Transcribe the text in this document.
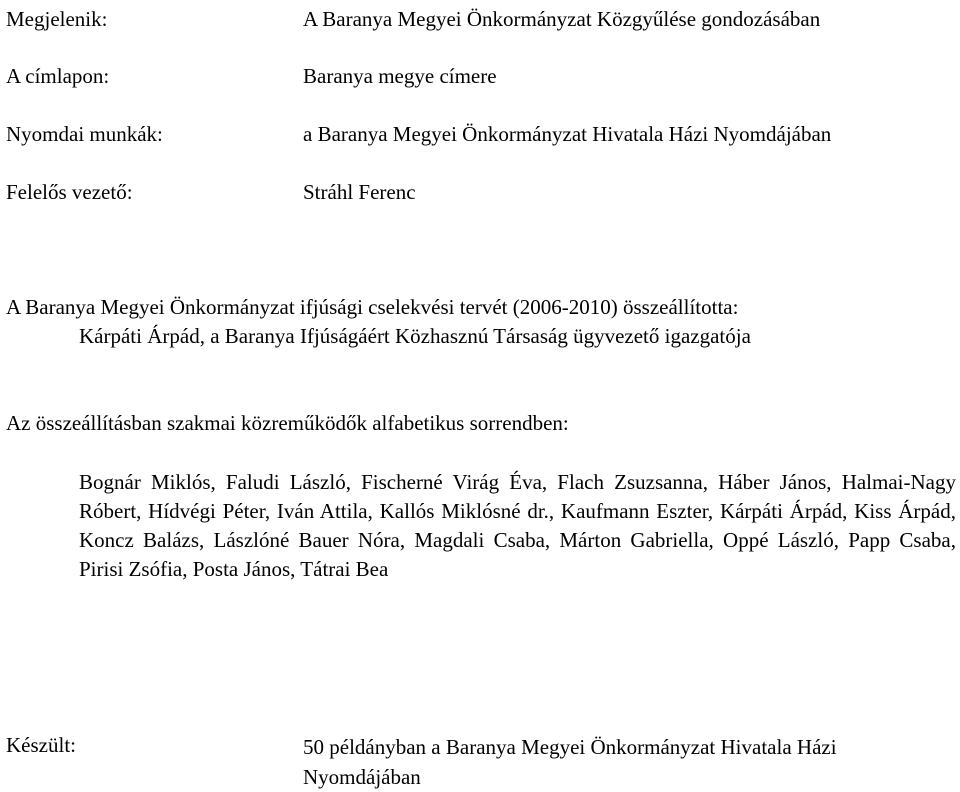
Megjelenik:	A Baranya Megyei Önkormányzat Közgyűlése gondozásában
A címlapon:	Baranya megye címere
Nyomdai munkák:	a Baranya Megyei Önkormányzat Hivatala Házi Nyomdájában
Felelős vezető:	Stráhl Ferenc
A Baranya Megyei Önkormányzat ifjúsági cselekvési tervét (2006-2010) összeállította:
Kárpáti Árpád, a Baranya Ifjúságáért Közhasznú Társaság ügyvezető igazgatója
Az összeállításban szakmai közreműködők alfabetikus sorrendben:
Bognár Miklós, Faludi László, Fischerné Virág Éva, Flach Zsuzsanna, Háber János, Halmai-Nagy Róbert, Hídvégi Péter, Iván Attila, Kallós Miklósné dr., Kaufmann Eszter, Kárpáti Árpád, Kiss Árpád, Koncz Balázs, Lászlóné Bauer Nóra, Magdali Csaba, Márton Gabriella, Oppé László, Papp Csaba, Pirisi Zsófia, Posta János, Tátrai Bea
Készült:	50 példányban a Baranya Megyei Önkormányzat Hivatala Házi Nyomdájában
